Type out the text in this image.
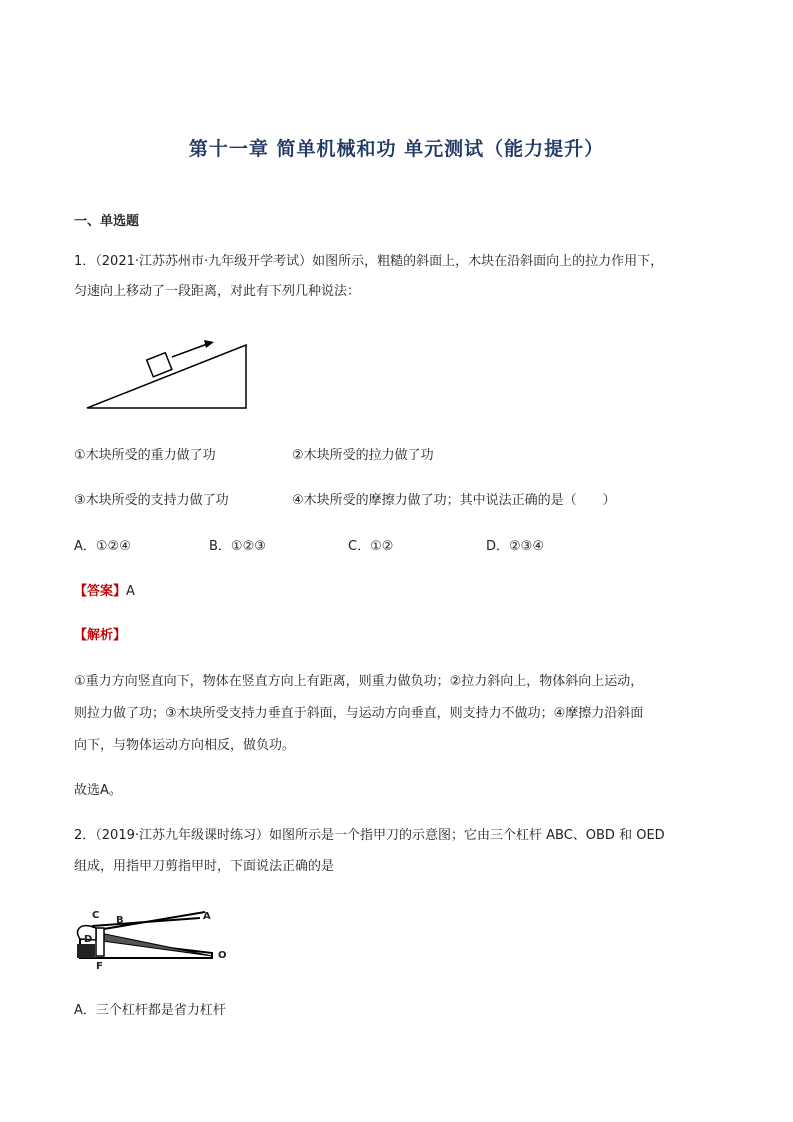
第十一章 简单机械和功 单元测试（能力提升）
一、单选题
1．（2021·江苏苏州市·九年级开学考试）如图所示，粗糙的斜面上，木块在沿斜面向上的拉力作用下，
匀速向上移动了一段距离，对此有下列几种说法：
①木块所受的重力做了功	②木块所受的拉力做了功
③木块所受的支持力做了功	④木块所受的摩擦力做了功；其中说法正确的是（　　）
A．①②④	B．①②③	C．①②	D．②③④
【答案】A
【解析】
①重力方向竖直向下，物体在竖直方向上有距离，则重力做负功；②拉力斜向上，物体斜向上运动，
则拉力做了功；③木块所受支持力垂直于斜面，与运动方向垂直，则支持力不做功；④摩擦力沿斜面
向下，与物体运动方向相反，做负功。
故选A。
2．（2019·江苏九年级课时练习）如图所示是一个指甲刀的示意图；它由三个杠杆 ABC、OBD 和 OED
组成，用指甲刀剪指甲时，下面说法正确的是
C B	A
D
F
O
A．三个杠杆都是省力杠杆
